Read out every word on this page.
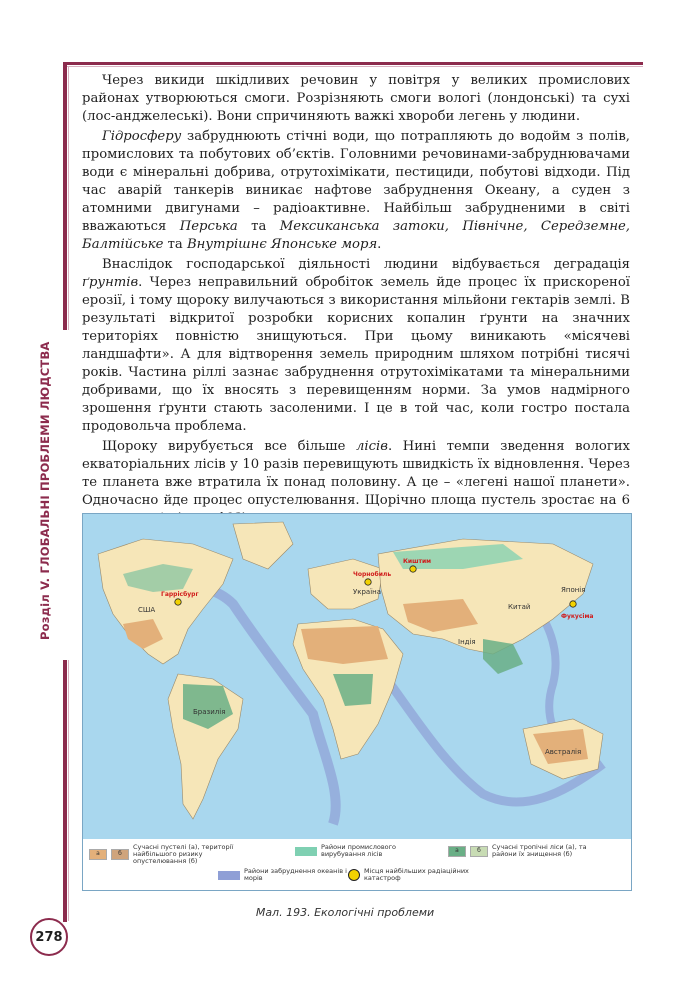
Розділ V. ГЛОБАЛЬНІ ПРОБЛЕМИ ЛЮДСТВА

Через викиди шкідливих речовин у повітря у великих промислових районах утворюються смоги. Розрізняють смоги вологі (лондонські) та сухі (лос-анджелеські). Вони спричиняють важкі хвороби легень у людини.

Гідросферу забруднюють стічні води, що потрапляють до водойм з полів, промислових та побутових об’єктів. Головними речовинами-забруднювачами води є мінеральні добрива, отрутохімікати, пестициди, побутові відходи. Під час аварій танкерів виникає нафтове забруднення Океану, а суден з атомними двигунами – радіоактивне. Найбільш забрудненими в світі вважаються Перська та Мексиканська затоки, Північне, Середземне, Балтійське та Внутрішнє Японське моря.

Внаслідок господарської діяльності людини відбувається деградація ґрунтів. Через неправильний обробіток земель йде процес їх прискореної ерозії, і тому щороку вилучаються з використання мільйони гектарів землі. В результаті відкритої розробки корисних копалин ґрунти на значних територіях повністю знищуються. При цьому виникають «місячеві ландшафти». А для відтворення земель природним шляхом потрібні тисячі років. Частина ріллі зазнає забруднення отрутохімікатами та мінеральними добривами, що їх вносять з перевищенням норми. За умов надмірного зрошення ґрунти стають засоленими. І це в той час, коли гостро постала продовольча проблема.

Щороку вирубується все більше лісів. Нині темпи зведення вологих екваторіальних лісів у 10 разів перевищують швидкість їх відновлення. Через те планета вже втратила їх понад половину. А це – «легені нашої планети». Одночасно йде процес опустелювання. Щорічно площа пустель зростає на 6

США
Бразилія
Україна
Китай
Індія
Японія
Австралія
Гаррісбург
Чорнобиль
Киштим
Фукусіма
а	б
Сучасні пустелі (а), території найбільшого ризику опустелювання (б)
Райони промислового вирубування лісів	а	б	Сучасні тропічні ліси (а), та райони їх знищення (б)
Райони забруднення океанів і морів
Місця найбільших радіаційних катастроф
Мал. 193. Екологічні проблеми
278
